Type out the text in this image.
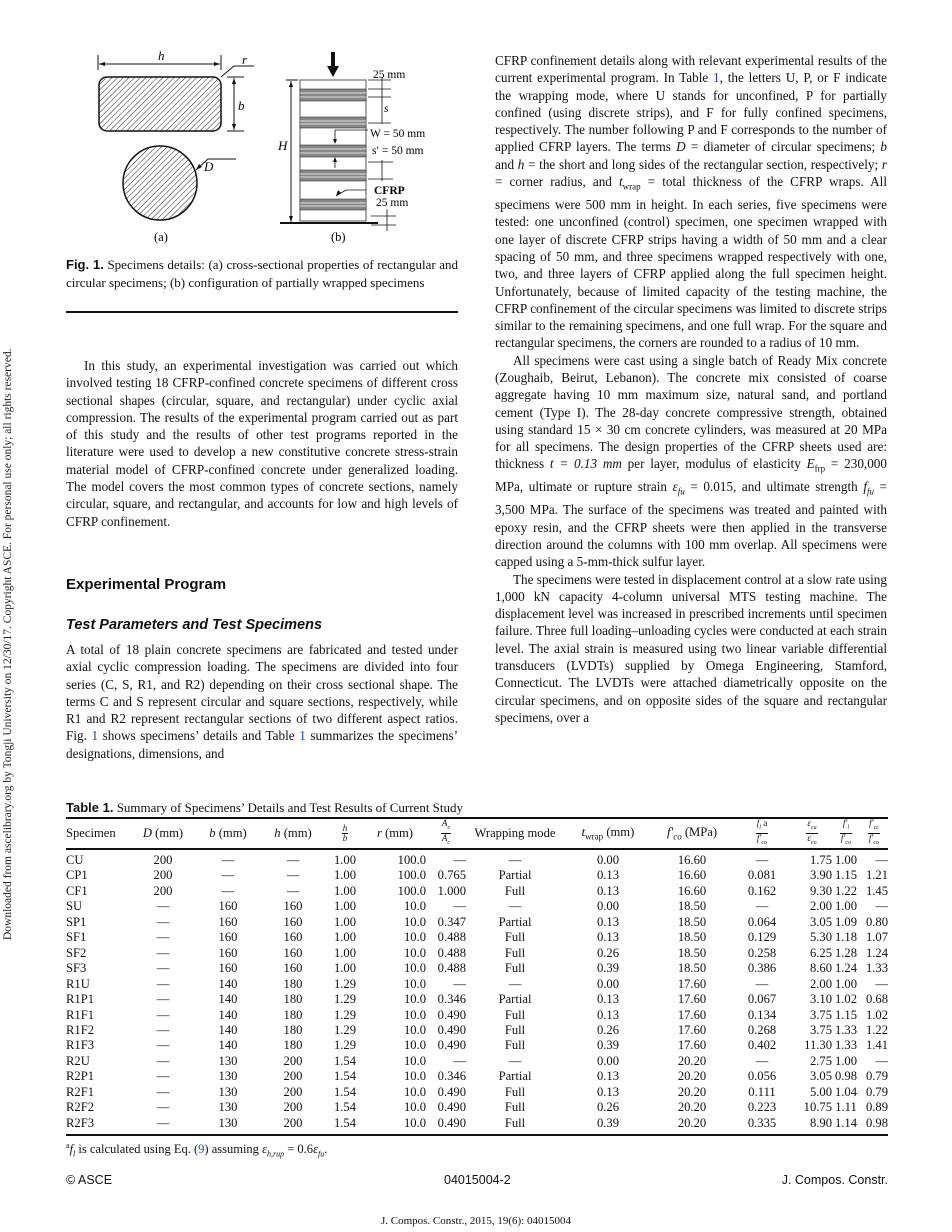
Downloaded from ascelibrary.org by Tongji University on 12/30/17. Copyright ASCE. For personal use only; all rights reserved.
h	r
b
D
(a)
25 mm
s
W = 50 mm
s′ = 50 mm
H
CFRP
25 mm
(b)
Fig. 1. Specimens details: (a) cross-sectional properties of rectangular and circular specimens; (b) configuration of partially wrapped specimens

In this study, an experimental investigation was carried out which involved testing 18 CFRP-confined concrete specimens of different cross sectional shapes (circular, square, and rectangular) under cyclic axial compression. The results of the experimental program carried out as part of this study and the results of other test programs reported in the literature were used to develop a new constitutive concrete stress-strain material model of CFRP-confined concrete under generalized loading. The model covers the most common types of concrete sections, namely circular, square, and rectangular, and accounts for low and high levels of CFRP confinement.

Experimental Program
Test Parameters and Test Specimens

A total of 18 plain concrete specimens are fabricated and tested under axial cyclic compression loading. The specimens are divided into four series (C, S, R1, and R2) depending on their cross sectional shape. The terms C and S represent circular and square sections, respectively, while R1 and R2 represent rectangular sections of two different aspect ratios. Fig. 1 shows specimens’ details and Table 1 summarizes the specimens’ designations, dimensions, and

CFRP confinement details along with relevant experimental results of the current experimental program. In Table 1, the letters U, P, or F indicate the wrapping mode, where U stands for unconfined, P for partially confined (using discrete strips), and F for fully confined specimens, respectively. The number following P and F corresponds to the number of applied CFRP layers. The terms D = diameter of circular specimens; b and h = the short and long sides of the rectangular section, respectively; r = corner radius, and $t_{wrap}$ = total thickness of the CFRP wraps. All specimens were 500 mm in height. In each series, five specimens were tested: one unconfined (control) specimen, one specimen wrapped with one layer of discrete CFRP strips having a width of 50 mm and a clear spacing of 50 mm, and three specimens wrapped respectively with one, two, and three layers of CFRP applied along the full specimen height. Unfortunately, because of limited capacity of the testing machine, the CFRP confinement of the circular specimens was limited to discrete strips similar to the remaining specimens, and one full wrap. For the square and rectangular specimens, the corners are rounded to a radius of 10 mm.

All specimens were cast using a single batch of Ready Mix concrete (Zoughaib, Beirut, Lebanon). The concrete mix consisted of coarse aggregate having 10 mm maximum size, natural sand, and portland cement (Type I). The 28-day concrete compressive strength, obtained using standard 15 × 30 cm concrete cylinders, was measured at 20 MPa for all specimens. The design properties of the CFRP sheets used are: thickness t = 0.13 mm per layer, modulus of elasticity $E_{frp} = 230,000$ MPa, ultimate or rupture strain $\varepsilon_{fu} = 0.015$, and ultimate strength $f_{fu} = 3,500$ MPa. The surface of the specimens was treated and painted with epoxy resin, and the CFRP sheets were then applied in the transverse direction around the columns with 100 mm overlap. All specimens were capped using a 5-mm-thick sulfur layer.

The specimens were tested in displacement control at a slow rate using 1,000 kN capacity 4-column universal MTS testing machine. The displacement level was increased in prescribed increments until specimen failure. Three full loading–unloading cycles were conducted at each strain level. The axial strain is measured using two linear variable differential transducers (LVDTs) supplied by Omega Engineering, Stamford, Connecticut. The LVDTs were attached diametrically opposite on the circular specimens, and on opposite sides of the square and rectangular specimens, over a

Table 1. Summary of Specimens’ Details and Test Results of Current Study
Specimen	D (mm)	b (mm)	h (mm)	$\frac{h}{b}$	r (mm)	$\frac{A_e}{A_c}$	Wrapping mode	$t_{wrap}$ (mm)	$f'_{co}$ (MPa)	$\frac{f_l a}{f'_{co}}$	$\frac{\varepsilon_{cu}}{\varepsilon_{co}}$	$\frac{f'_l}{f'_{co}}$	$\frac{f'_{cc}}{f'_{co}}$

CU	200	—	—	1.00	100.0	—	—	0.00	16.60	—	1.75	1.00	—
CP1	200	—	—	1.00	100.0	0.765	Partial	0.13	16.60	0.081	3.90	1.15	1.21
CF1	200	—	—	1.00	100.0	1.000	Full	0.13	16.60	0.162	9.30	1.22	1.45
SU	—	160	160	1.00	10.0	—	—	0.00	18.50	—	2.00	1.00	—
SP1	—	160	160	1.00	10.0	0.347	Partial	0.13	18.50	0.064	3.05	1.09	0.80
SF1	—	160	160	1.00	10.0	0.488	Full	0.13	18.50	0.129	5.30	1.18	1.07
SF2	—	160	160	1.00	10.0	0.488	Full	0.26	18.50	0.258	6.25	1.28	1.24
SF3	—	160	160	1.00	10.0	0.488	Full	0.39	18.50	0.386	8.60	1.24	1.33
R1U	—	140	180	1.29	10.0	—	—	0.00	17.60	—	2.00	1.00	—
R1P1	—	140	180	1.29	10.0	0.346	Partial	0.13	17.60	0.067	3.10	1.02	0.68
R1F1	—	140	180	1.29	10.0	0.490	Full	0.13	17.60	0.134	3.75	1.15	1.02
R1F2	—	140	180	1.29	10.0	0.490	Full	0.26	17.60	0.268	3.75	1.33	1.22
R1F3	—	140	180	1.29	10.0	0.490	Full	0.39	17.60	0.402	11.30	1.33	1.41
R2U	—	130	200	1.54	10.0	—	—	0.00	20.20	—	2.75	1.00	—
R2P1	—	130	200	1.54	10.0	0.346	Partial	0.13	20.20	0.056	3.05	0.98	0.79
R2F1	—	130	200	1.54	10.0	0.490	Full	0.13	20.20	0.111	5.00	1.04	0.79
R2F2	—	130	200	1.54	10.0	0.490	Full	0.26	20.20	0.223	10.75	1.11	0.89
R2F3	—	130	200	1.54	10.0	0.490	Full	0.39	20.20	0.335	8.90	1.14	0.98
$^af_l$ is calculated using Eq. (9) assuming $\varepsilon_{h,rup} = 0.6\varepsilon_{fu}$.
© ASCE	04015004-2	J. Compos. Constr.
J. Compos. Constr., 2015, 19(6): 04015004
